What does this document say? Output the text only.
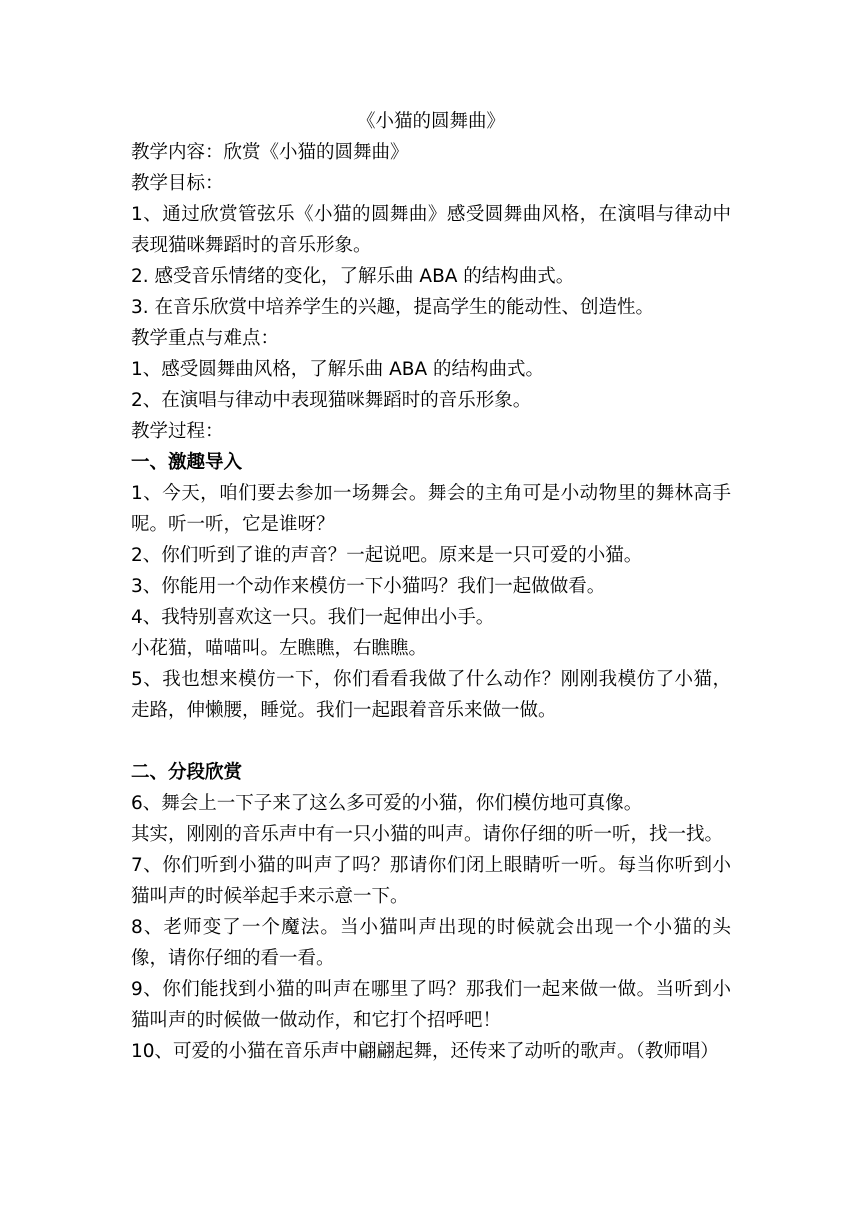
《小猫的圆舞曲》
教学内容：欣赏《小猫的圆舞曲》
教学目标：
1、通过欣赏管弦乐《小猫的圆舞曲》感受圆舞曲风格，在演唱与律动中表现猫咪舞蹈时的音乐形象。
2. 感受音乐情绪的变化，了解乐曲 ABA 的结构曲式。
3. 在音乐欣赏中培养学生的兴趣，提高学生的能动性、创造性。
教学重点与难点：
1、感受圆舞曲风格，了解乐曲 ABA 的结构曲式。
2、在演唱与律动中表现猫咪舞蹈时的音乐形象。
教学过程：
一、激趣导入
1、今天，咱们要去参加一场舞会。舞会的主角可是小动物里的舞林高手呢。听一听，它是谁呀？
2、你们听到了谁的声音？一起说吧。原来是一只可爱的小猫。
3、你能用一个动作来模仿一下小猫吗？我们一起做做看。
4、我特别喜欢这一只。我们一起伸出小手。
小花猫，喵喵叫。左瞧瞧，右瞧瞧。
5、我也想来模仿一下，你们看看我做了什么动作？刚刚我模仿了小猫，走路，伸懒腰，睡觉。我们一起跟着音乐来做一做。
二、分段欣赏
6、舞会上一下子来了这么多可爱的小猫，你们模仿地可真像。
其实，刚刚的音乐声中有一只小猫的叫声。请你仔细的听一听，找一找。
7、你们听到小猫的叫声了吗？那请你们闭上眼睛听一听。每当你听到小猫叫声的时候举起手来示意一下。
8、老师变了一个魔法。当小猫叫声出现的时候就会出现一个小猫的头像，请你仔细的看一看。
9、你们能找到小猫的叫声在哪里了吗？那我们一起来做一做。当听到小猫叫声的时候做一做动作，和它打个招呼吧！
10、可爱的小猫在音乐声中翩翩起舞，还传来了动听的歌声。（教师唱）
